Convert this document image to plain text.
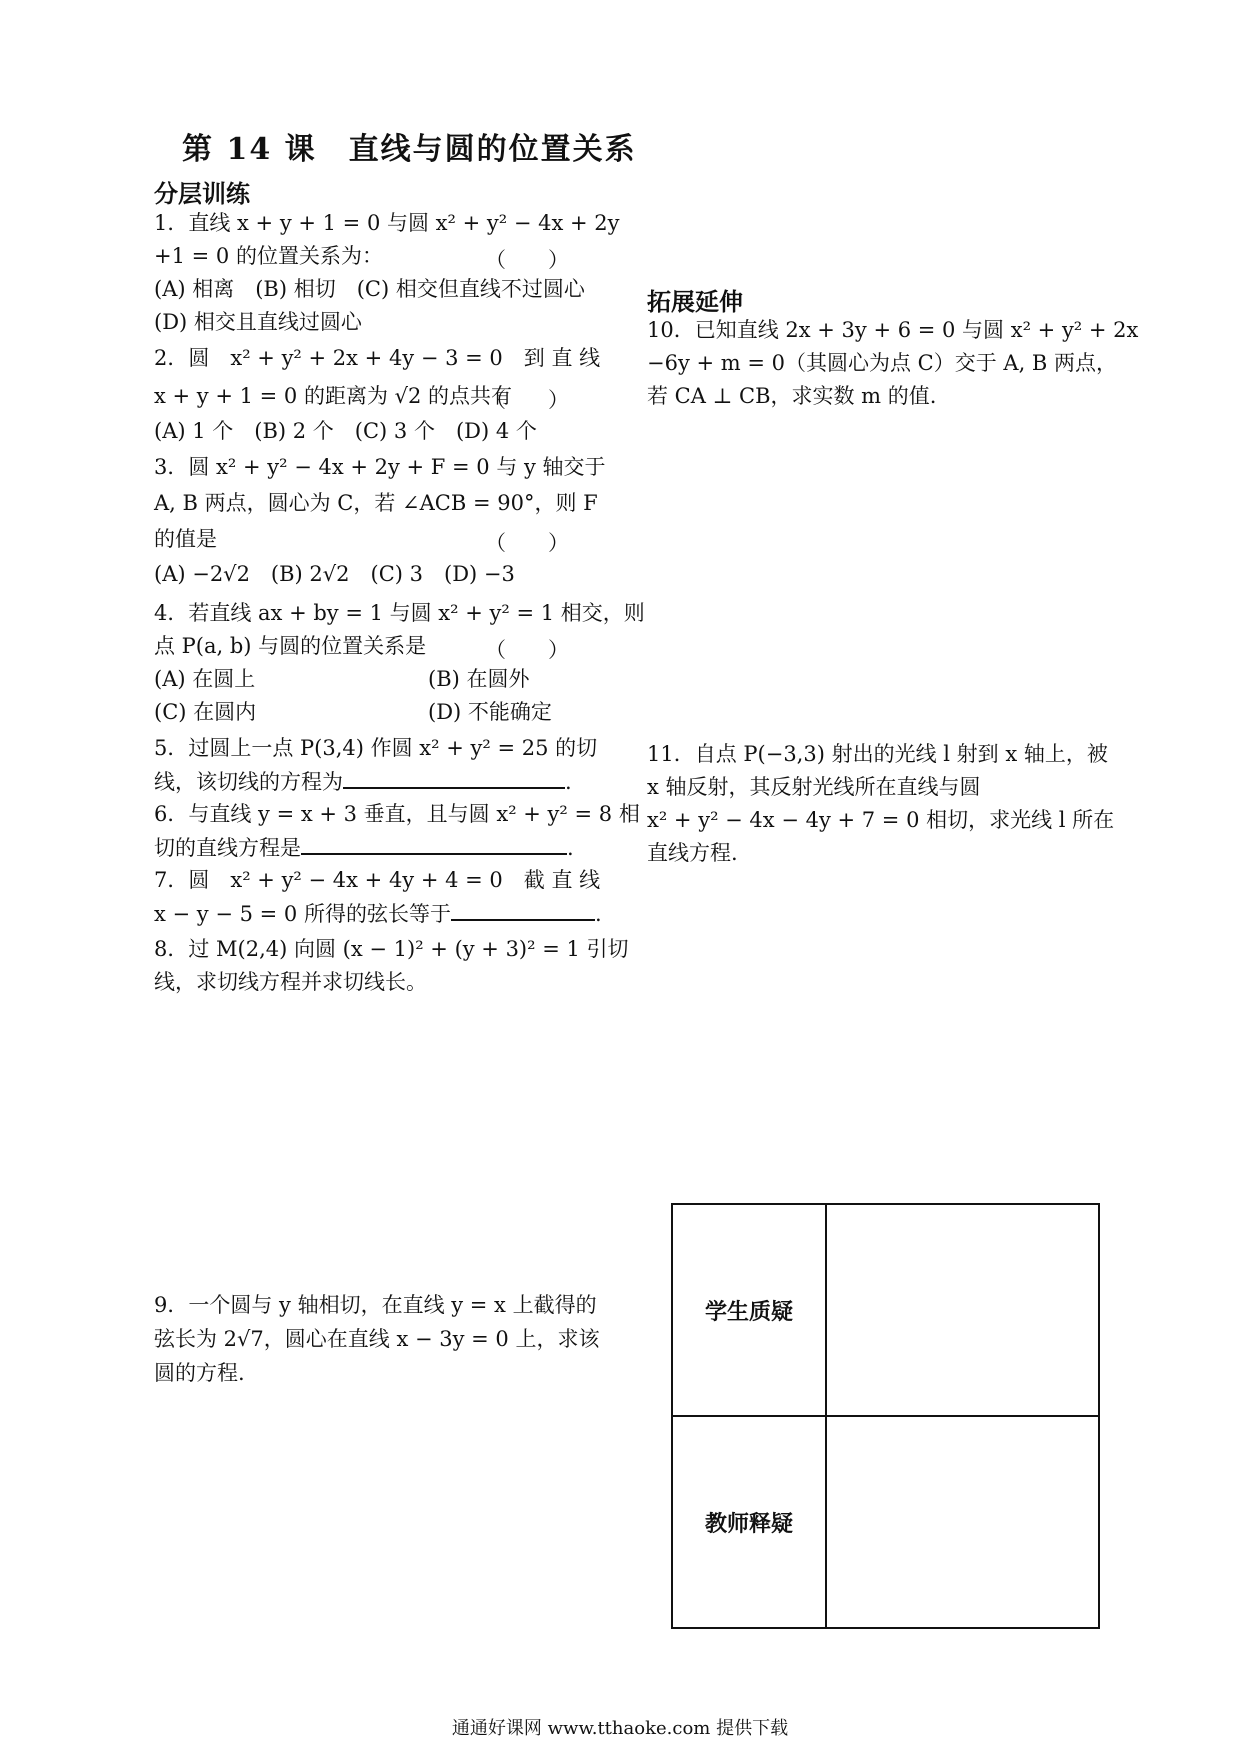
第 14 课　直线与圆的位置关系
分层训练
1．直线 x + y + 1 = 0 与圆 x² + y² − 4x + 2y
+1 = 0 的位置关系为：	（　　）
(A) 相离　(B) 相切　(C) 相交但直线不过圆心
(D) 相交且直线过圆心
2．圆　x² + y² + 2x + 4y − 3 = 0　到 直 线
x + y + 1 = 0 的距离为 √2 的点共有
（　　）
(A) 1 个　(B) 2 个　(C) 3 个　(D) 4 个
3．圆 x² + y² − 4x + 2y + F = 0 与 y 轴交于
A, B 两点，圆心为 C，若 ∠ACB = 90°，则 F
的值是	（　　）
(A) −2√2　(B) 2√2　(C) 3　(D) −3
4．若直线 ax + by = 1 与圆 x² + y² = 1 相交，则
点 P(a, b) 与圆的位置关系是	（　　）
(A) 在圆上	(B) 在圆外
(C) 在圆内	(D) 不能确定
5．过圆上一点 P(3,4) 作圆 x² + y² = 25 的切
线，该切线的方程为	.
6．与直线 y = x + 3 垂直，且与圆 x² + y² = 8 相
切的直线方程是	.
7．圆　x² + y² − 4x + 4y + 4 = 0　截 直 线
x − y − 5 = 0 所得的弦长等于	.
8．过 M(2,4) 向圆 (x − 1)² + (y + 3)² = 1 引切
线，求切线方程并求切线长。
9．一个圆与 y 轴相切，在直线 y = x 上截得的
弦长为 2√7，圆心在直线 x − 3y = 0 上，求该
圆的方程.
拓展延伸
10．已知直线 2x + 3y + 6 = 0 与圆 x² + y² + 2x
−6y + m = 0（其圆心为点 C）交于 A, B 两点，
若 CA ⊥ CB，求实数 m 的值.
11．自点 P(−3,3) 射出的光线 l 射到 x 轴上，被
x 轴反射，其反射光线所在直线与圆
x² + y² − 4x − 4y + 7 = 0 相切，求光线 l 所在
直线方程.
学生质疑	
教师释疑	
通通好课网 www.tthaoke.com 提供下载
